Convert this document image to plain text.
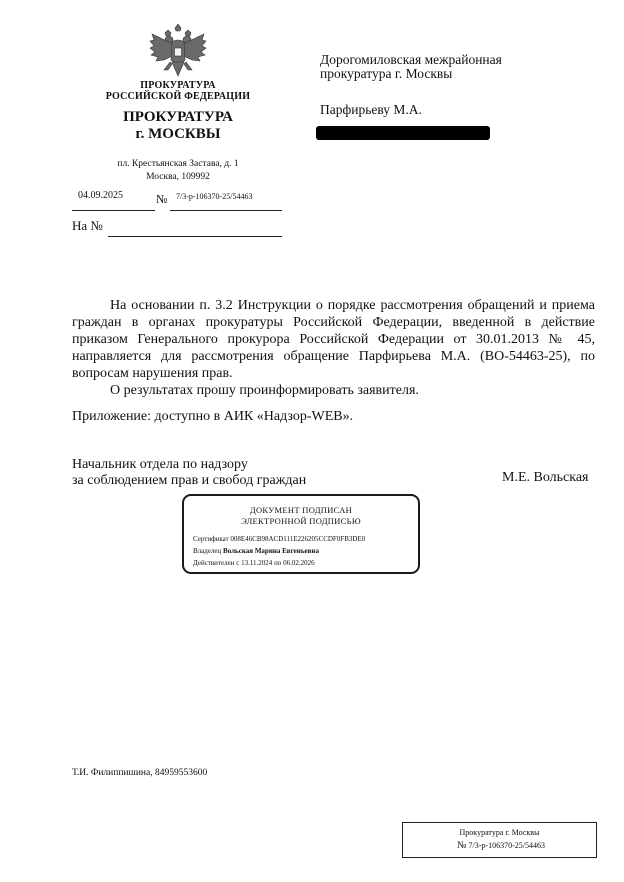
ПРОКУРАТУРА
РОССИЙСКОЙ ФЕДЕРАЦИИ
ПРОКУРАТУРА
г. МОСКВЫ
пл. Крестьянская Застава, д. 1
Москва, 109992
04.09.2025	№ 7/3-р-106370-25/54463
На №
Дорогомиловская межрайонная
прокуратура г. Москвы
Парфирьеву М.А.

На основании п. 3.2 Инструкции о порядке рассмотрения обращений и приема граждан в органах прокуратуры Российской Федерации, введенной в действие приказом Генерального прокурора Российской Федерации от 30.01.2013 № 45, направляется для рассмотрения обращение Парфирьева М.А. (ВО-54463-25), по вопросам нарушения прав.

О результатах прошу проинформировать заявителя.

Приложение: доступно в АИК «Надзор-WEB».
Начальник отдела по надзору
за соблюдением прав и свобод граждан	М.Е. Вольская
ДОКУМЕНТ ПОДПИСАН
ЭЛЕКТРОННОЙ ПОДПИСЬЮ
Сертификат 008E46CB98ACD111E226205CCDF0FB3DE0
Владелец Вольская Марина Евгеньевна
Действителен с 13.11.2024 по 06.02.2026
Т.И. Филиппишина, 84959553600
Прокуратура г. Москвы
№ 7/3-р-106370-25/54463
